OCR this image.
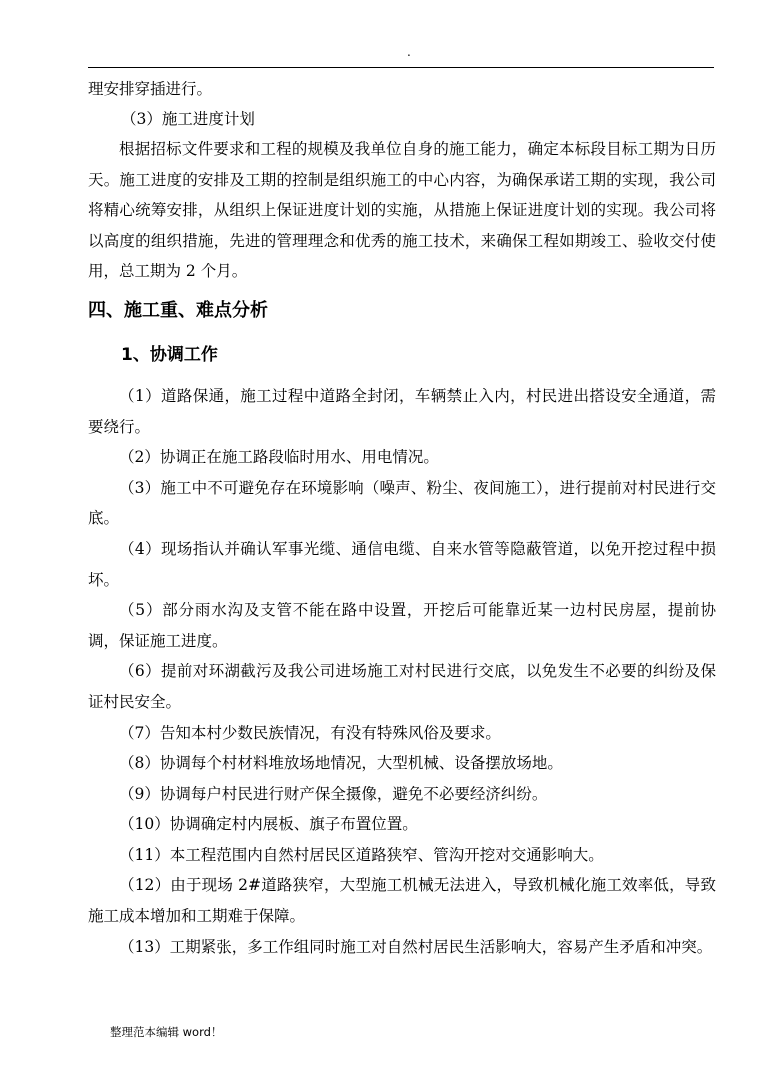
.
理安排穿插进行。
（3）施工进度计划
根据招标文件要求和工程的规模及我单位自身的施工能力，确定本标段目标工期为日历天。施工进度的安排及工期的控制是组织施工的中心内容，为确保承诺工期的实现，我公司将精心统筹安排，从组织上保证进度计划的实施，从措施上保证进度计划的实现。我公司将以高度的组织措施，先进的管理理念和优秀的施工技术，来确保工程如期竣工、验收交付使用，总工期为 2 个月。
四、施工重、难点分析
1、协调工作
（1）道路保通，施工过程中道路全封闭，车辆禁止入内，村民进出搭设安全通道，需要绕行。
（2）协调正在施工路段临时用水、用电情况。
（3）施工中不可避免存在环境影响（噪声、粉尘、夜间施工），进行提前对村民进行交底。
（4）现场指认并确认军事光缆、通信电缆、自来水管等隐蔽管道，以免开挖过程中损坏。
（5）部分雨水沟及支管不能在路中设置，开挖后可能靠近某一边村民房屋，提前协调，保证施工进度。
（6）提前对环湖截污及我公司进场施工对村民进行交底，以免发生不必要的纠纷及保证村民安全。
（7）告知本村少数民族情况，有没有特殊风俗及要求。
（8）协调每个村材料堆放场地情况，大型机械、设备摆放场地。
（9）协调每户村民进行财产保全摄像，避免不必要经济纠纷。
（10）协调确定村内展板、旗子布置位置。
（11）本工程范围内自然村居民区道路狭窄、管沟开挖对交通影响大。
（12）由于现场 2#道路狭窄，大型施工机械无法进入，导致机械化施工效率低，导致施工成本增加和工期难于保障。
（13）工期紧张，多工作组同时施工对自然村居民生活影响大，容易产生矛盾和冲突。
整理范本编辑 word！
